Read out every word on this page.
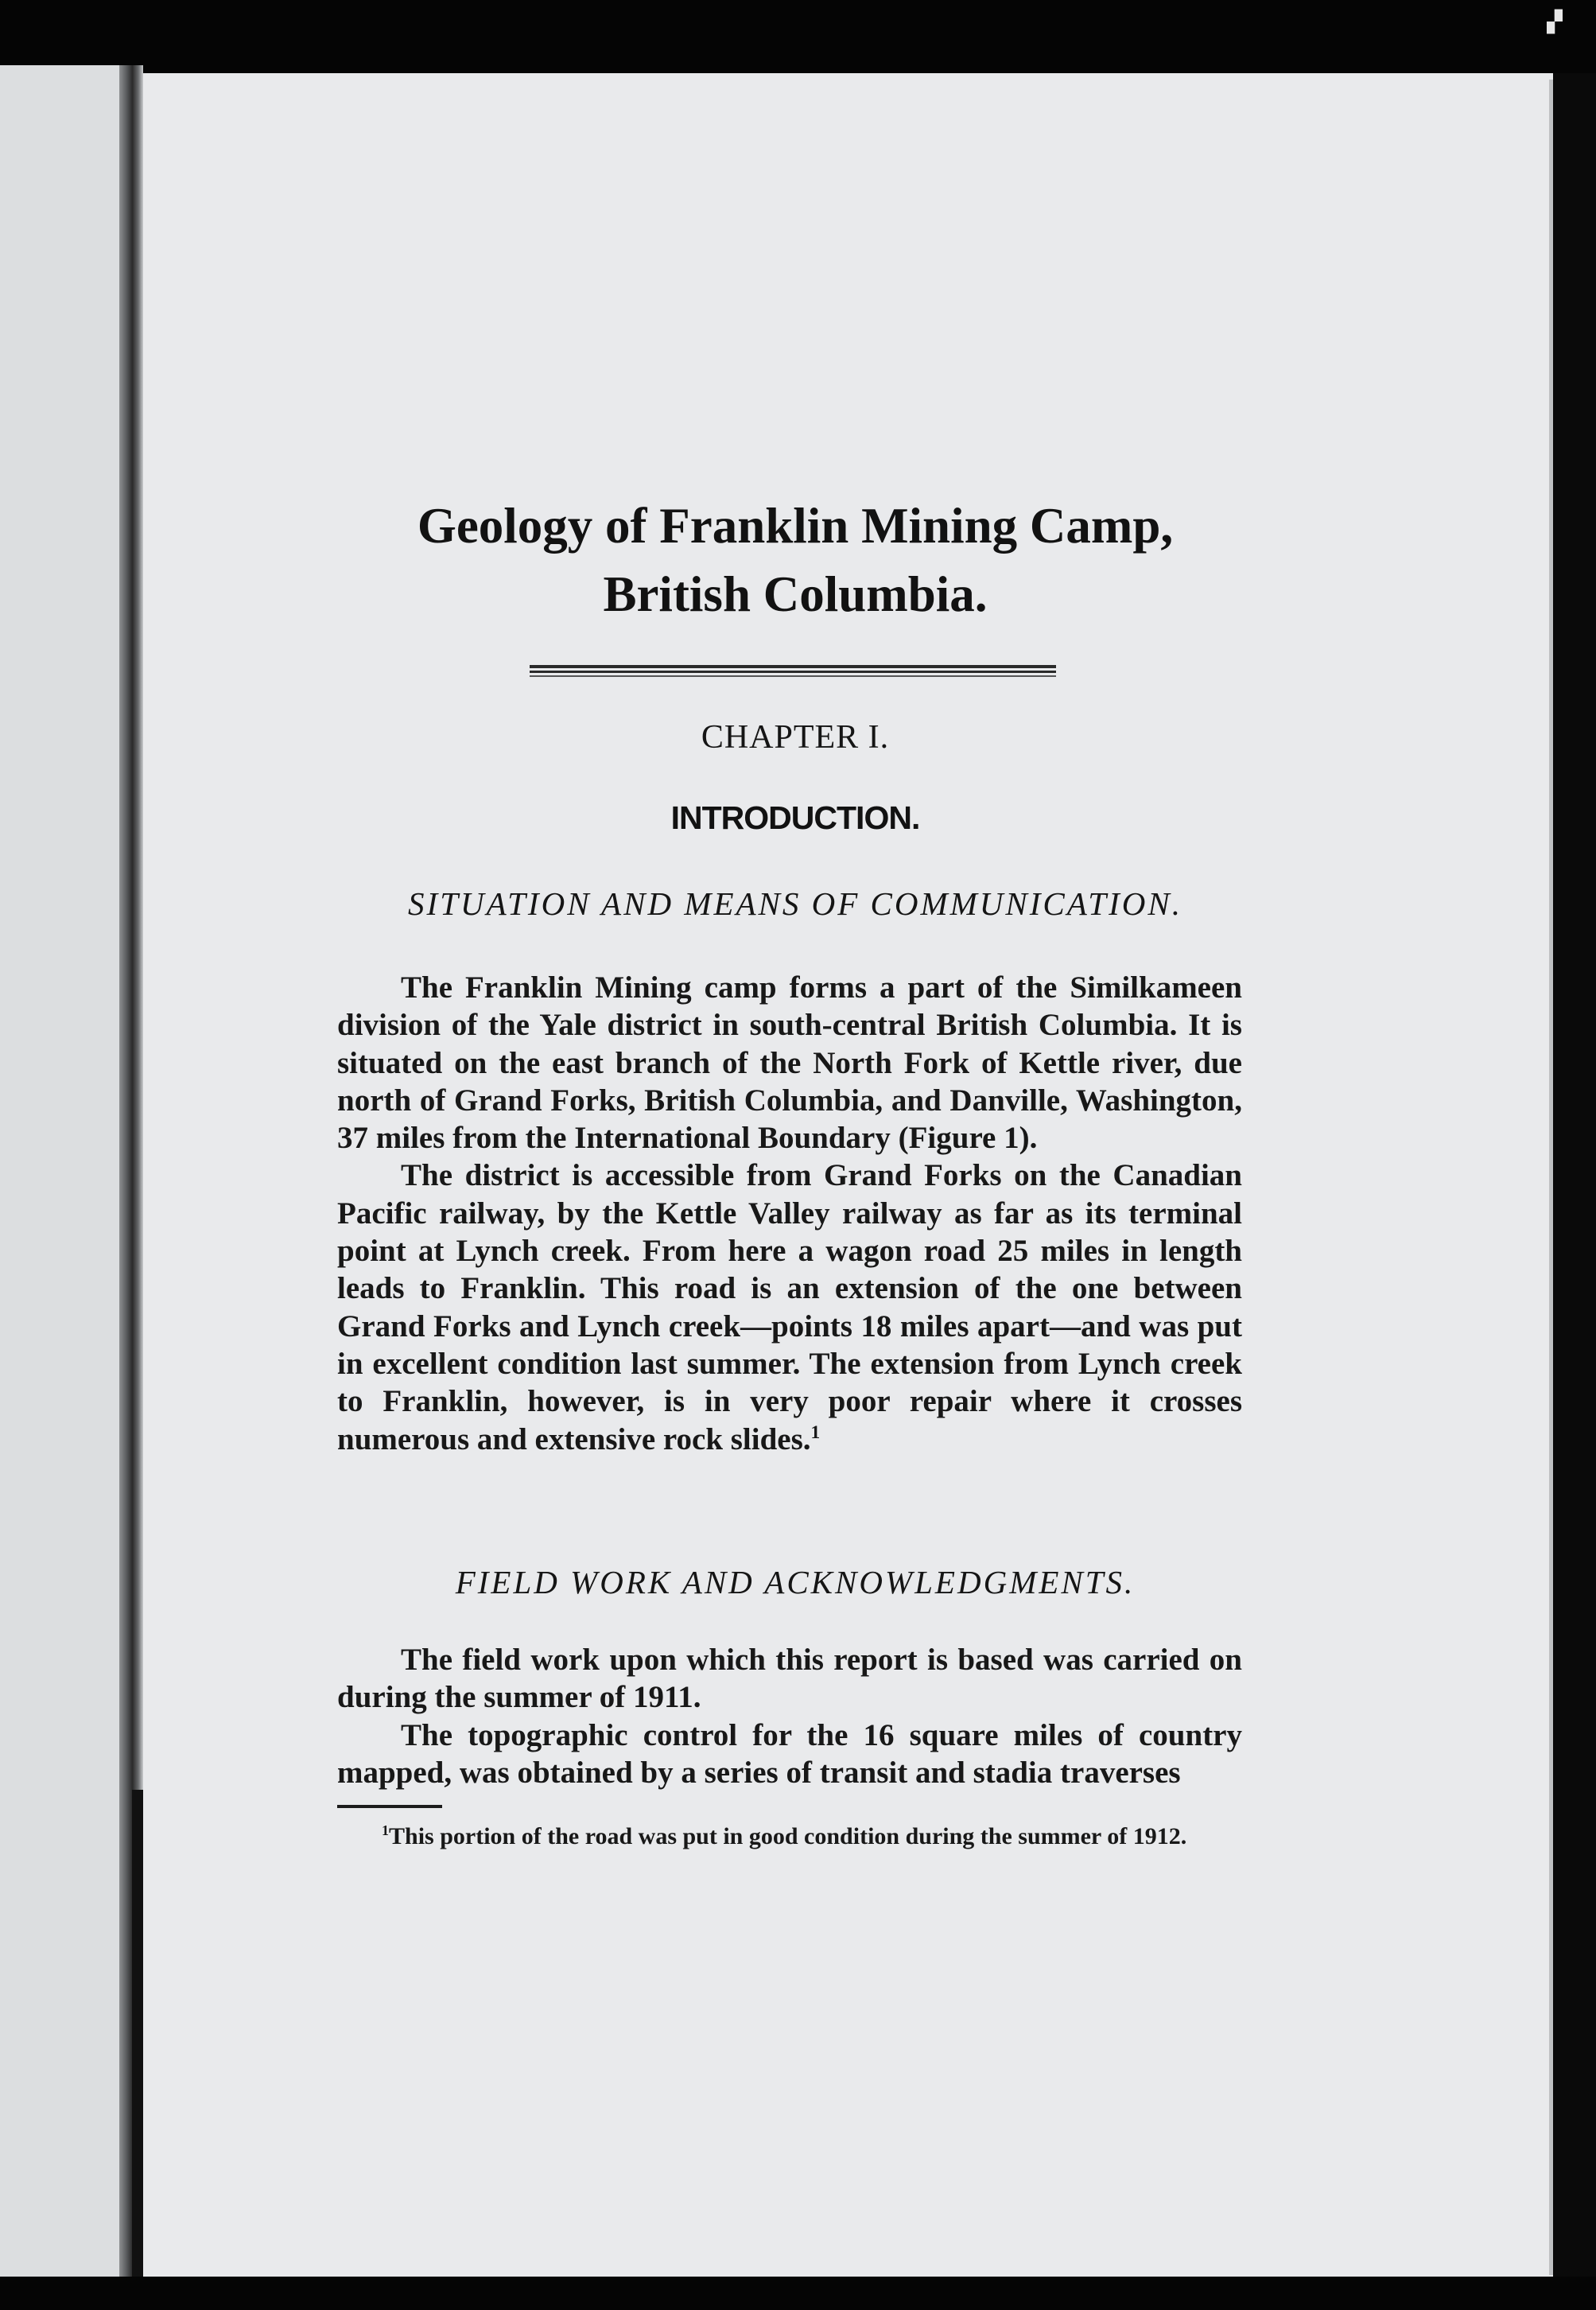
▗▘
Geology of Franklin Mining Camp,
British Columbia.
CHAPTER I.
INTRODUCTION.
SITUATION AND MEANS OF COMMUNICATION.

The Franklin Mining camp forms a part of the Similkameen division of the Yale district in south-central British Columbia. It is situated on the east branch of the North Fork of Kettle river, due north of Grand Forks, British Columbia, and Danville, Washington, 37 miles from the International Boundary (Figure 1).

The district is accessible from Grand Forks on the Canadian Pacific railway, by the Kettle Valley railway as far as its terminal point at Lynch creek. From here a wagon road 25 miles in length leads to Franklin. This road is an extension of the one between Grand Forks and Lynch creek—points 18 miles apart—and was put in excellent condition last summer. The extension from Lynch creek to Franklin, however, is in very poor repair where it crosses numerous and extensive rock slides.$^1$

FIELD WORK AND ACKNOWLEDGMENTS.

The field work upon which this report is based was carried on during the summer of 1911.

The topographic control for the 16 square miles of country mapped, was obtained by a series of transit and stadia traverses

$^1$This portion of the road was put in good condition during the summer of 1912.
